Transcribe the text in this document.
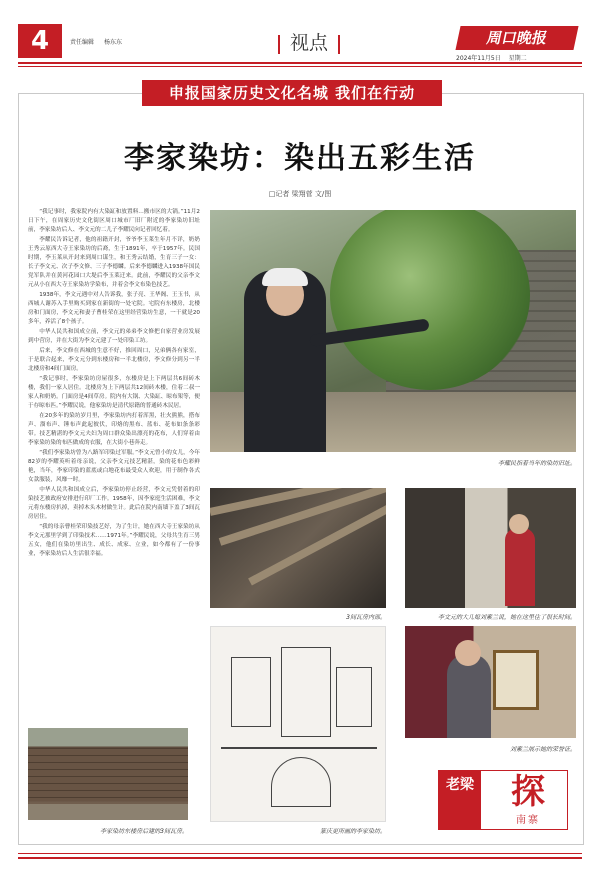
4	责任编辑 杨东东	视点	周口晚报
2024年11月5日 星期二
申报国家历史文化名城 我们在行动
李家染坊：染出五彩生活
□记者 梁翔菅 文/图

“我记事时，我家院内有大染缸和放置料…搬市区的大锅。”11月2日下午，在周家历史文化街区周口城市厂旧厂附近的李家染坊旧址前，李家染坊后人、李文元的二儿子李耀民向记者回忆着。

李耀民告诉记者，他的祖籍开封，爷爷李玉莱生年月不详，奶奶王秀云原西大寺王家染坊的后裔，生于1891年，卒于1957年。民国时期，李玉莱从开封来到周口谋生，和王秀云结婚，生育三子一女：长子李文元、次子李文修、三子李德麟。后来李德麟进入1938年国民党军队并在黄河花园口大堤后李玉莱迁来。此前，李耀民的父亲李文元从小在西大寺王家染坊学染布，并着会李文布染色技艺。

1938年，李文元遇中对人告诉我，张子亮、王华阁、王玉书，从西城人谢苏入手里购买到家在新街的一处宅院。宅院有东楼房，北楼房和门面房，李文元和妻子曹桂荣在这里经营染坊生意，一干就是20多年，养活了8个孩子。

中华人民共和国成立前，李文元的弟弟李文修把自家营业房发展到中营房，并在大街为李文元建了一处印染工坊。

后来，李文修在西城的生意不好，推回周口，兄弟俩各有家室，于是联合起来，李文元分到东楼房和一半北楼房，李文修分到另一半北楼房和4间门面房。

“我记事时，李家染坊房屋很多，东楼房是上下两层共6间砖木楼，我们一家人居住。北楼房为上下两层共12间砖木楼，住着二叔一家人和奶奶。门面房是4间草房。院内有大锅、大染缸、晾布架等，便于存晾布匹。”李耀民说，他家染坊是清代原籍的普通砖木民居。

在20多年的染坊岁月里，李家染坊内打着浑黑，壮火熊熊，搭布声、溜布声、锤布声此起彼伏，印烙的黑布、蓝布、花布如条条彩带。技艺精湛的李文元夫妇为周口群众染出漂亮的花布，人们穿着由李家染坊染的布匹做成的衣服，在大街小巷奔走。

“我们李家染坊曾为八路军印染过军服。”李文元曾小的女儿，今年82岁的李耀英听着母亲说，父亲李文元技艺精湛，染的花布色彩鲜艳，当年，李家印染的蓝底或白地花布最受众人欢迎，用于制作各式女款服装，风靡一时。

中华人民共和国成立后，李家染坊停止经营，李文元凭借着的印染技艺被政府安排进行印厂工作。1958年，因李家庭生活困难，李文元将东楼房扒掉，卖掉木头木材做生计。此后在院内南墙下盖了3间瓦房居住。

“我的母亲曹桂荣印染技艺好，为了生计，她在西大寺王家染坊从李文元那里学到了印染技术……1971年。”李耀民说，父母共生育三男五女，他们在染坊里出生、成长、成家、立业，如今都有了一份事业，李家染坊后人生活很幸福。

李耀民指着当年的染坊旧址。
3间瓦房内部。	李文元的大儿媳刘素兰说，她在这里住了很长时间。
篆庆更所画的李家染坊。
刘素兰展示她的荣誉证。
李家染坊东楼房后建的3间瓦房。
老梁	探
南寨
